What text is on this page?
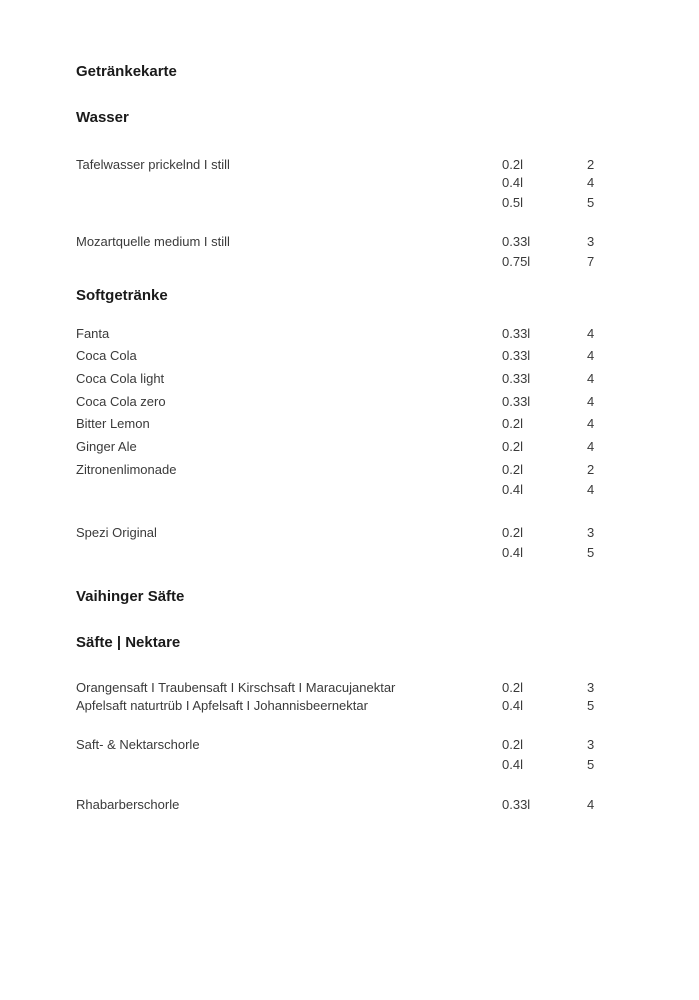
Getränkekarte
Wasser
Tafelwasser prickelnd I still	0.2l	2
0.4l	4
0.5l	5
Mozartquelle medium I still	0.33l	3
0.75l	7
Softgetränke
Fanta	0.33l	4
Coca Cola	0.33l	4
Coca Cola light	0.33l	4
Coca Cola zero	0.33l	4
Bitter Lemon	0.2l	4
Ginger Ale	0.2l	4
Zitronenlimonade	0.2l	2
0.4l	4
Spezi Original	0.2l	3
0.4l	5
Vaihinger Säfte
Säfte | Nektare
Orangensaft I Traubensaft I Kirschsaft I Maracujanektar	0.2l	3
Apfelsaft naturtrüb I Apfelsaft I Johannisbeernektar	0.4l	5
Saft- & Nektarschorle	0.2l	3
0.4l	5
Rhabarberschorle	0.33l	4
